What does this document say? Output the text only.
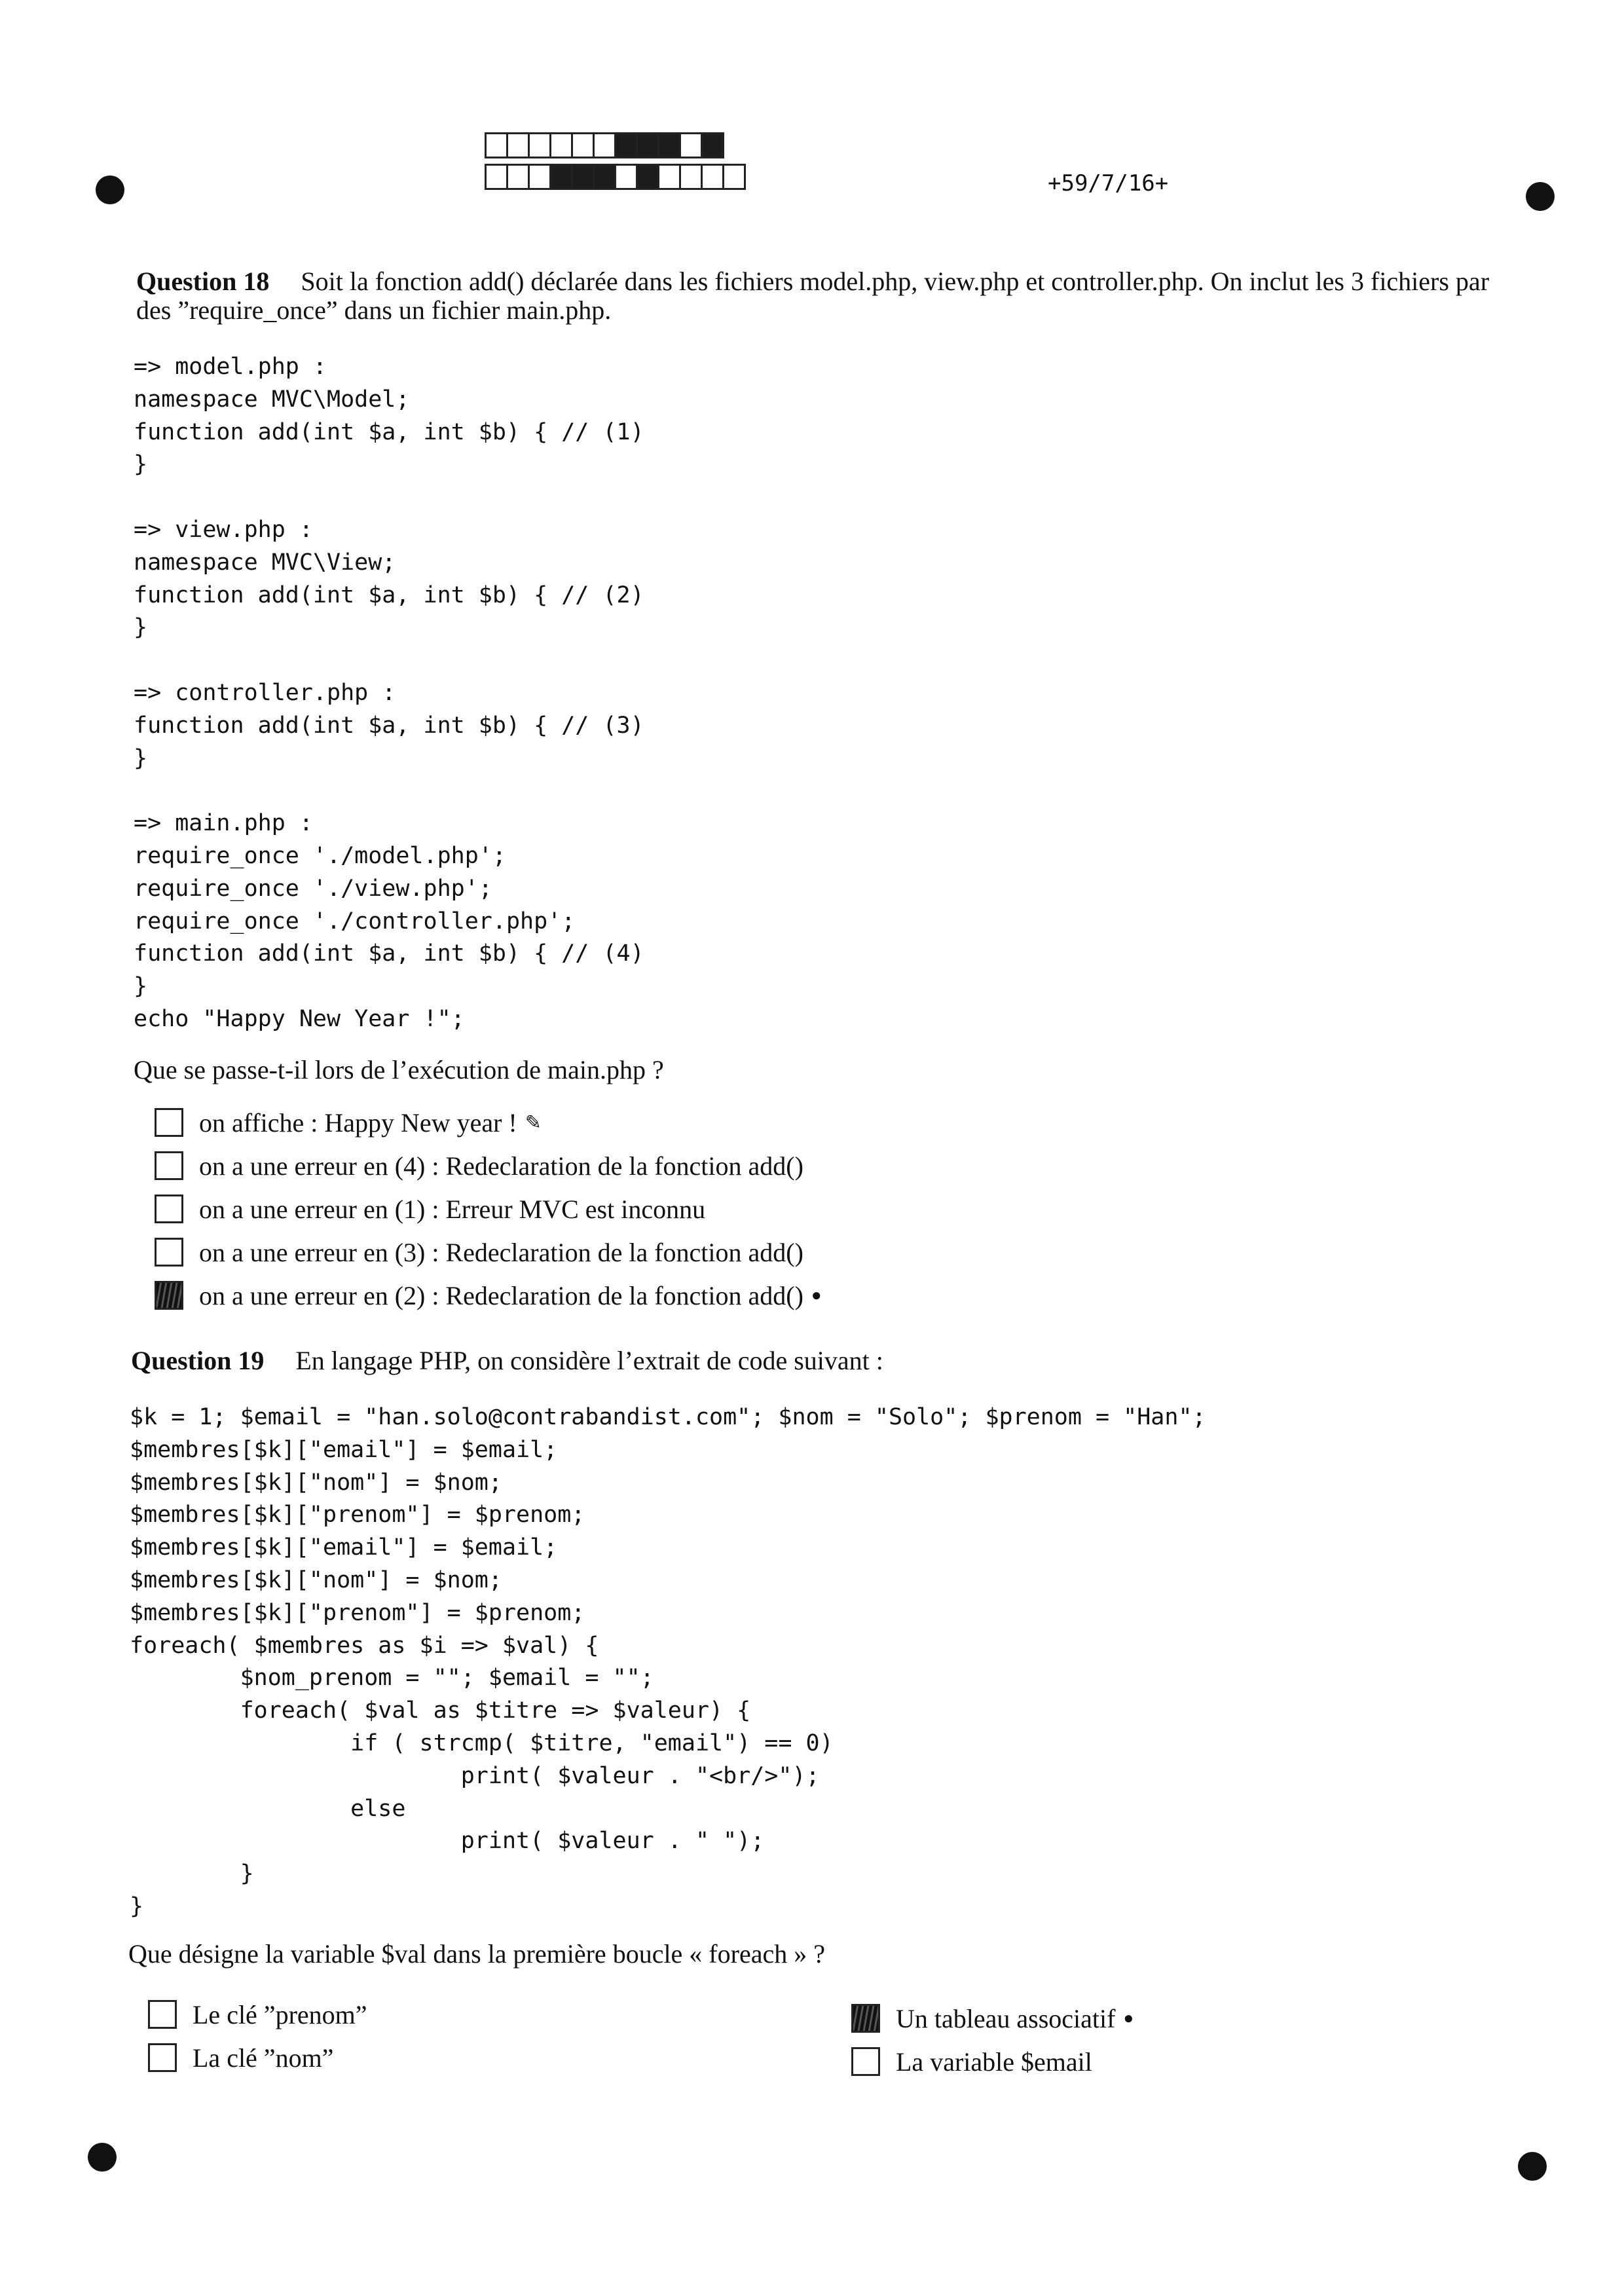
+59/7/16+
Question 18 Soit la fonction add() déclarée dans les fichiers model.php, view.php et controller.php. On inclut les 3 fichiers par des ”require_once” dans un fichier main.php.
=> model.php :
namespace MVC\Model;
function add(int $a, int $b) { // (1)
}

=> view.php :
namespace MVC\View;
function add(int $a, int $b) { // (2)
}

=> controller.php :
function add(int $a, int $b) { // (3)
}

=> main.php :
require_once './model.php';
require_once './view.php';
require_once './controller.php';
function add(int $a, int $b) { // (4)
}
echo "Happy New Year !";
Que se passe-t-il lors de l’exécution de main.php ?
on affiche : Happy New year ! ✎
on a une erreur en (4) : Redeclaration de la fonction add()
on a une erreur en (1) : Erreur MVC est inconnu
on a une erreur en (3) : Redeclaration de la fonction add()
on a une erreur en (2) : Redeclaration de la fonction add() ●
Question 19 En langage PHP, on considère l’extrait de code suivant :
$k = 1; $email = "han.solo@contrabandist.com"; $nom = "Solo"; $prenom = "Han";
$membres[$k]["email"] = $email;
$membres[$k]["nom"] = $nom;
$membres[$k]["prenom"] = $prenom;
$membres[$k]["email"] = $email;
$membres[$k]["nom"] = $nom;
$membres[$k]["prenom"] = $prenom;
foreach( $membres as $i => $val) {
$nom_prenom = ""; $email = "";
foreach( $val as $titre => $valeur) {
if ( strcmp( $titre, "email") == 0)
print( $valeur . "<br/>");
else
print( $valeur . " ");
}
}
Que désigne la variable $val dans la première boucle « foreach » ?
Le clé ”prenom”
La clé ”nom”
Un tableau associatif ●
La variable $email
